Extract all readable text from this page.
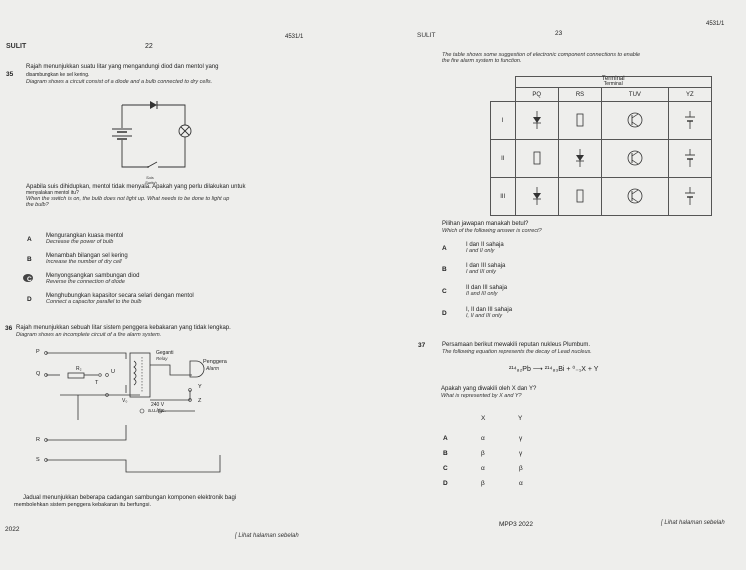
SULIT	22
4531/1
35
Rajah menunjukkan suatu litar yang mengandungi diod dan mentol yang
disambungkan ke sel kering.
Diagram shows a circuit consist of a diode and a bulb connected to dry cells.
Suis
Switch
Apabila suis dihidupkan, mentol tidak menyala. Apakah yang perlu dilakukan untuk
menyalakan mentol itu?
When the switch is on, the bulb does not light up. What needs to be done to light up
the bulb?
A Mengurangkan kuasa mentol
Decrease the power of bulb
B Menambah bilangan sel kering
Increase the number of dry cell
C Menyongsangkan sambungan diod
Reverse the connection of diode
D Menghubungkan kapasitor secara selari dengan mentol
Connect a capacitor parallel to the bulb
36 Rajah menunjukkan sebuah litar sistem penggera kebakaran yang tidak lengkap.
Diagram shows an incomplete circuit of a fire alarm system.
P
Q
R
S
T
U
R₂
Y
Z
V₀
Geganti
Relay
Penggera
Alarm
240 V
a.u./a.c.
Jadual menunjukkan beberapa cadangan sambungan komponen elektronik bagi
membolehkan sistem penggera kebakaran itu berfungsi.
2022
[ Lihat halaman sebelah
SULIT	23
4531/1
The table shows some suggestion of electronic component connections to enable
the fire alarm system to function.

	Terminal
Terminal			

	PQ	RS	TUV	YZ
I				
II				
III				
Pilihan jawapan manakah betul?
Which of the following answer is correct?
A	I dan II sahaja
I and II only
B	I dan III sahaja
I and III only
C	II dan III sahaja
II and III only
D	I, II dan III sahaja
I, II and III only
37	Persamaan berikut mewakili reputan nukleus Plumbum.
The following equation represents the decay of Lead nucleus.
²¹⁴₈₂Pb ⟶ ²¹⁴₈₃Bi + ⁰₋₁X + Y
Apakah yang diwakili oleh X dan Y?
What is represented by X and Y?
X	Y
A	α	γ
B	β	γ
C	α	β
D	β	α
MPP3 2022	[ Lihat halaman sebelah
